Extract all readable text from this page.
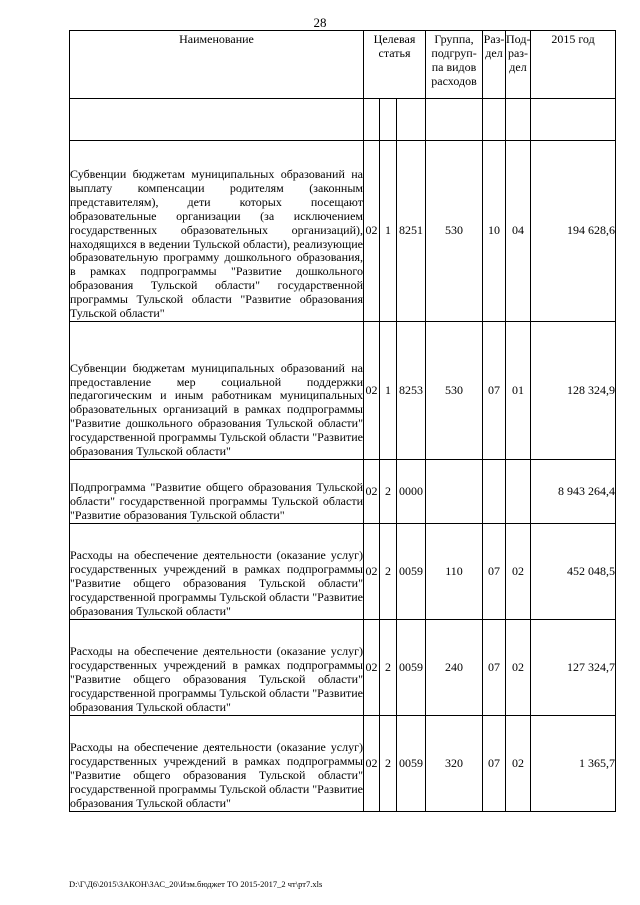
28
Наименование	Целевая статья			Группа, подгруп- па видов расходов	Раз- дел	Под- раз- дел	2015 год

Субвенции бюджетам муниципальных образований на выплату компенсации родителям (законным представителям), дети которых посещают образовательные организации (за исключением государственных образовательных организаций), находящихся в ведении Тульской области), реализующие образовательную программу дошкольного образования, в рамках подпрограммы "Развитие дошкольного образования Тульской области" государственной программы Тульской области "Развитие образования Тульской области"	02	1	8251	530	10	04	194 628,6
Субвенции бюджетам муниципальных образований на предоставление мер социальной поддержки педагогическим и иным работникам муниципальных образовательных организаций в рамках подпрограммы "Развитие дошкольного образования Тульской области" государственной программы Тульской области "Развитие образования Тульской области"	02	1	8253	530	07	01	128 324,9
Подпрограмма "Развитие общего образования Тульской области" государственной программы Тульской области "Развитие образования Тульской области"	02	2	0000				8 943 264,4
Расходы на обеспечение деятельности (оказание услуг) государственных учреждений в рамках подпрограммы "Развитие общего образования Тульской области" государственной программы Тульской области "Развитие образования Тульской области"	02	2	0059	110	07	02	452 048,5
Расходы на обеспечение деятельности (оказание услуг) государственных учреждений в рамках подпрограммы "Развитие общего образования Тульской области" государственной программы Тульской области "Развитие образования Тульской области"	02	2	0059	240	07	02	127 324,7
Расходы на обеспечение деятельности (оказание услуг) государственных учреждений в рамках подпрограммы "Развитие общего образования Тульской области" государственной программы Тульской области "Развитие образования Тульской области"	02	2	0059	320	07	02	1 365,7
D:\Г\Д6\2015\ЗАКОН\ЗАС_20\Изм.бюджет ТО 2015-2017_2 чт\рт7.xls
